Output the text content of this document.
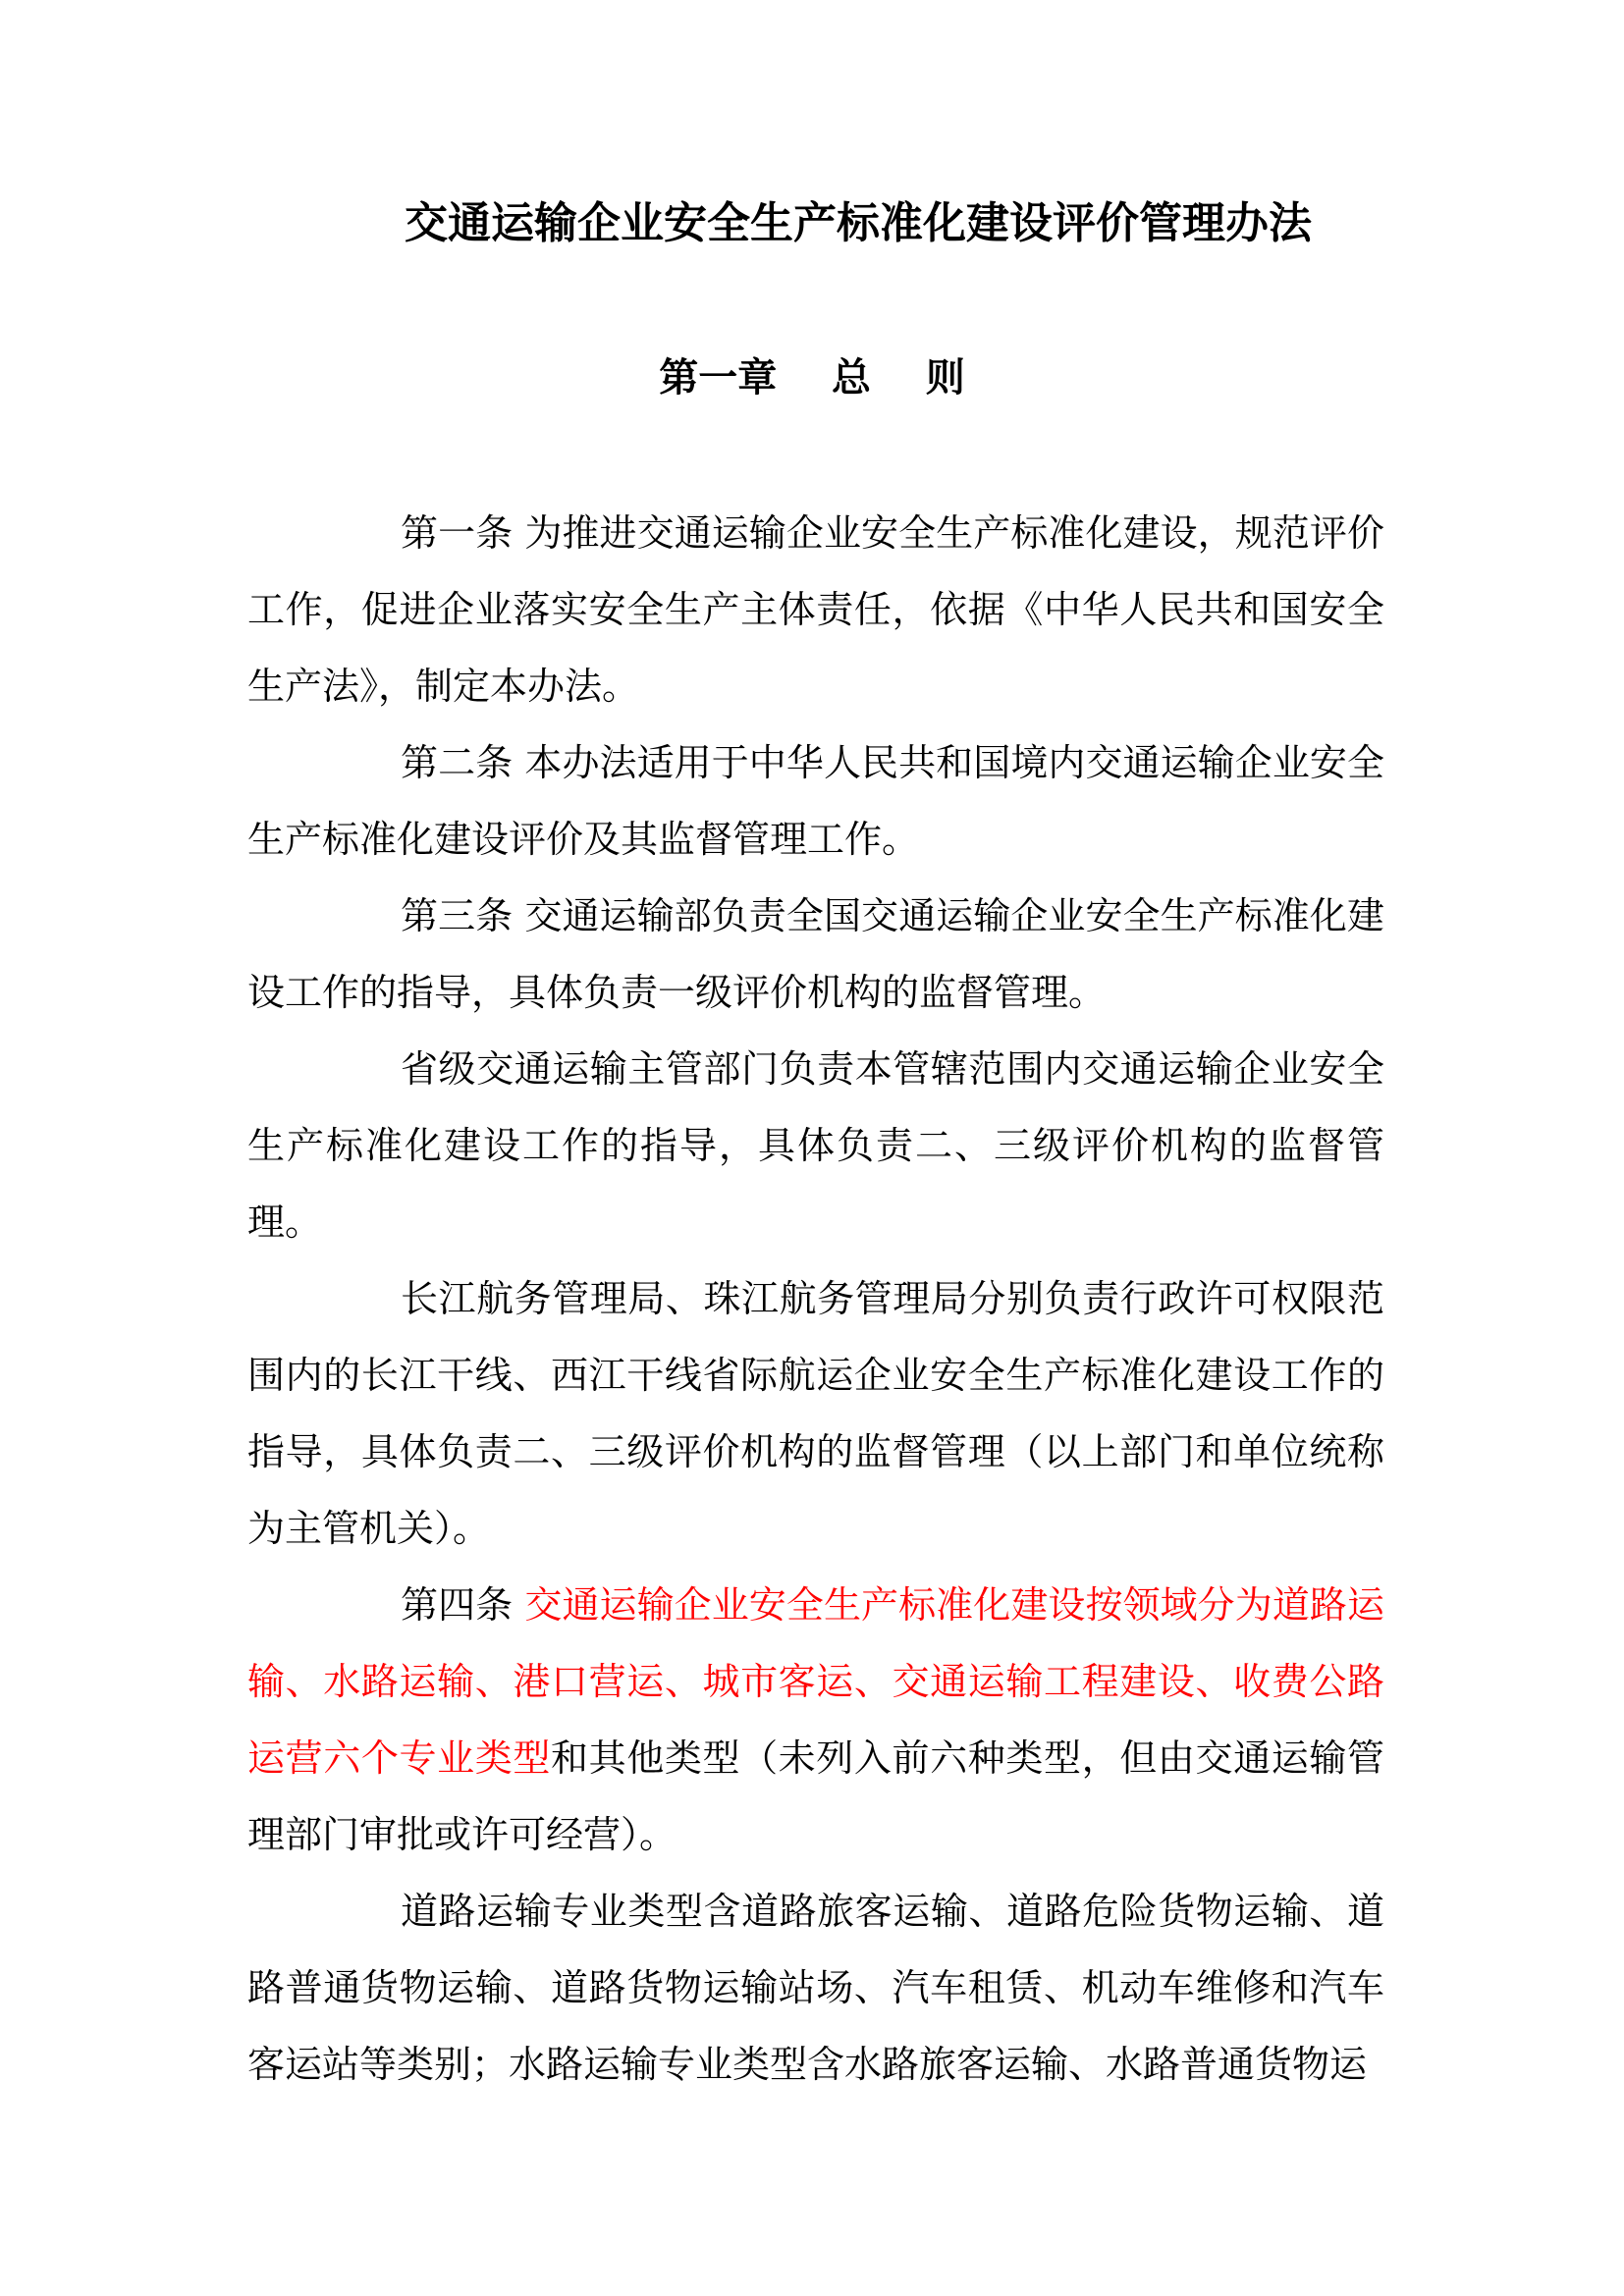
交通运输企业安全生产标准化建设评价管理办法
第一章    总    则

第一条 为推进交通运输企业安全生产标准化建设，规范评价工作，促进企业落实安全生产主体责任，依据《中华人民共和国安全生产法》，制定本办法。

第二条 本办法适用于中华人民共和国境内交通运输企业安全生产标准化建设评价及其监督管理工作。

第三条 交通运输部负责全国交通运输企业安全生产标准化建设工作的指导，具体负责一级评价机构的监督管理。

省级交通运输主管部门负责本管辖范围内交通运输企业安全生产标准化建设工作的指导，具体负责二、三级评价机构的监督管理。

长江航务管理局、珠江航务管理局分别负责行政许可权限范围内的长江干线、西江干线省际航运企业安全生产标准化建设工作的指导，具体负责二、三级评价机构的监督管理（以上部门和单位统称为主管机关）。

第四条 交通运输企业安全生产标准化建设按领域分为道路运输、水路运输、港口营运、城市客运、交通运输工程建设、收费公路运营六个专业类型和其他类型（未列入前六种类型，但由交通运输管理部门审批或许可经营）。

道路运输专业类型含道路旅客运输、道路危险货物运输、道路普通货物运输、道路货物运输站场、汽车租赁、机动车维修和汽车客运站等类别；水路运输专业类型含水路旅客运输、水路普通货物运
